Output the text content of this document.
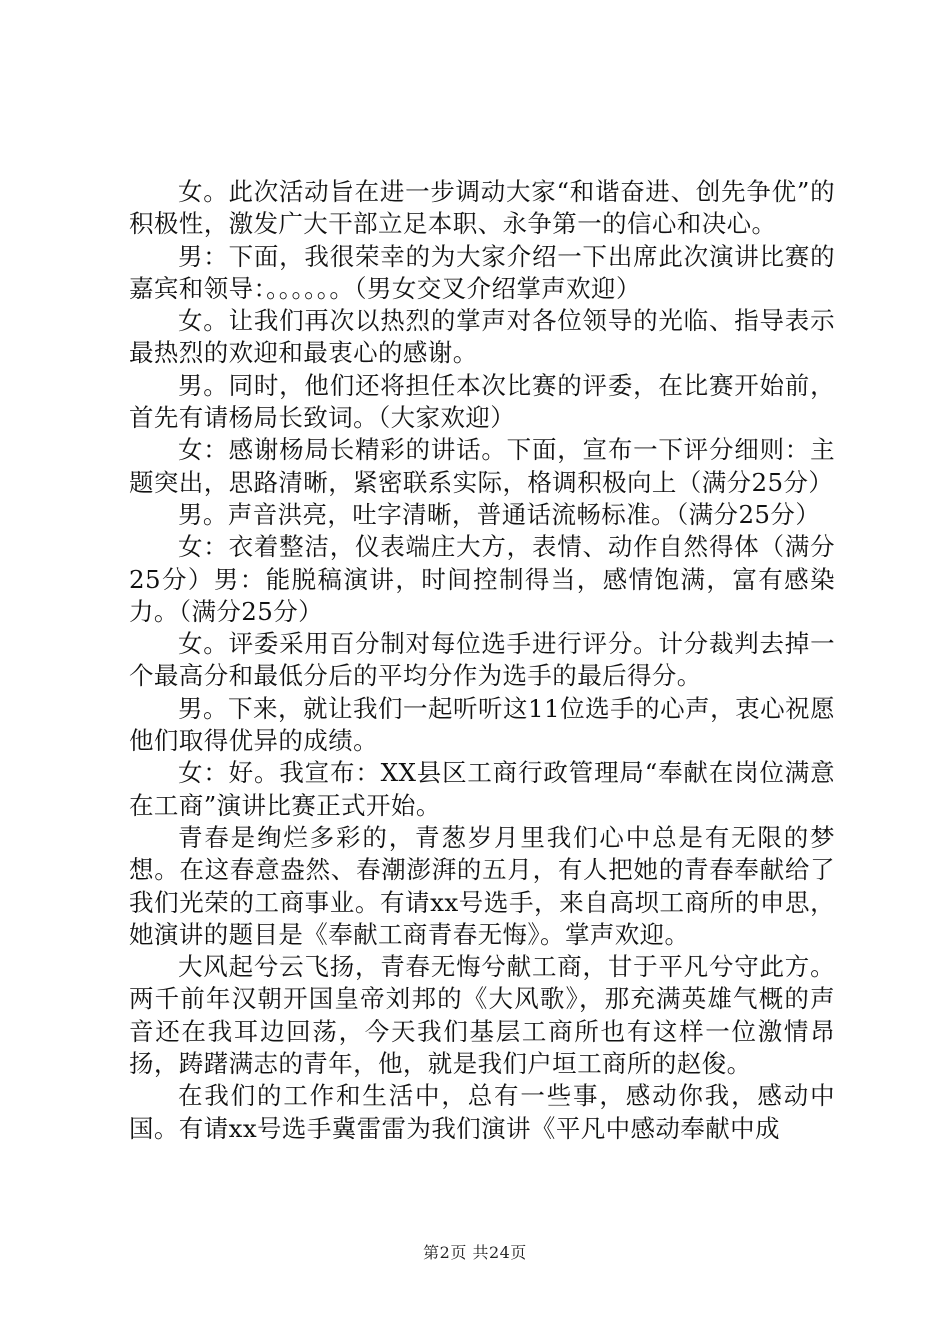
女。此次活动旨在进一步调动大家“和谐奋进、创先争优”的积极性，激发广大干部立足本职、永争第一的信心和决心。

男：下面，我很荣幸的为大家介绍一下出席此次演讲比赛的嘉宾和领导：。。。。。。（男女交叉介绍掌声欢迎）

女。让我们再次以热烈的掌声对各位领导的光临、指导表示最热烈的欢迎和最衷心的感谢。

男。同时，他们还将担任本次比赛的评委，在比赛开始前，首先有请杨局长致词。（大家欢迎）

女：感谢杨局长精彩的讲话。下面，宣布一下评分细则：主题突出，思路清晰，紧密联系实际，格调积极向上（满分25分）

男。声音洪亮，吐字清晰，普通话流畅标准。（满分25分）

女：衣着整洁，仪表端庄大方，表情、动作自然得体（满分25分）男：能脱稿演讲，时间控制得当，感情饱满，富有感染力。（满分25分）

女。评委采用百分制对每位选手进行评分。计分裁判去掉一个最高分和最低分后的平均分作为选手的最后得分。

男。下来，就让我们一起听听这11位选手的心声，衷心祝愿他们取得优异的成绩。

女：好。我宣布：XX县区工商行政管理局“奉献在岗位满意在工商”演讲比赛正式开始。

青春是绚烂多彩的，青葱岁月里我们心中总是有无限的梦想。在这春意盎然、春潮澎湃的五月，有人把她的青春奉献给了我们光荣的工商事业。有请xx号选手，来自高坝工商所的申思，她演讲的题目是《奉献工商青春无悔》。掌声欢迎。

大风起兮云飞扬，青春无悔兮献工商，甘于平凡兮守此方。两千前年汉朝开国皇帝刘邦的《大风歌》，那充满英雄气概的声音还在我耳边回荡，今天我们基层工商所也有这样一位激情昂扬，踌躇满志的青年，他，就是我们户垣工商所的赵俊。

在我们的工作和生活中，总有一些事，感动你我，感动中国。有请xx号选手冀雷雷为我们演讲《平凡中感动奉献中成

第2页 共24页
